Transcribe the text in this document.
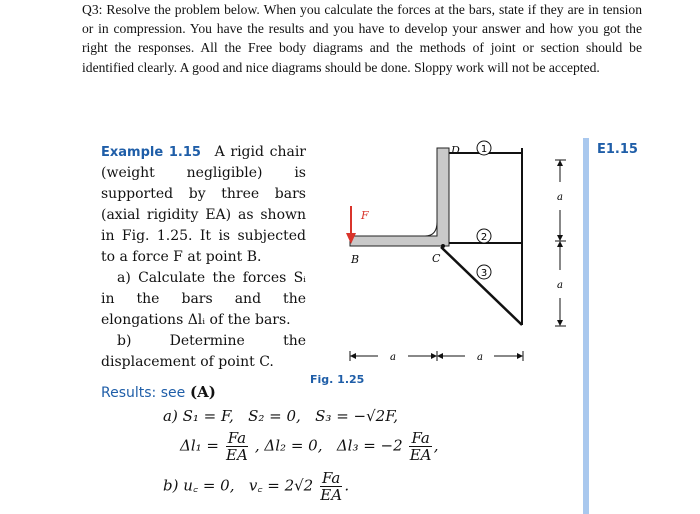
Q3: Resolve the problem below. When you calculate the forces at the bars, state if they are in tension or in compression. You have the results and you have to develop your answer and how you got the right the responses. All the Free body diagrams and the methods of joint or section should be identified clearly. A good and nice diagrams should be done. Sloppy work will not be accepted.
Example 1.15 A rigid chair (weight negligible) is supported by three bars (axial rigidity EA) as shown in Fig. 1.25. It is subjected to a force F at point B.
a) Calculate the forces Sᵢ in the bars and the elongations Δlᵢ of the bars.
b) Determine the displacement of point C.
E1.15
F
B	C
D 1
2
3
a
a
a	a
Fig. 1.25
Results: see (A)
a) S₁ = F, S₂ = 0, S₃ = −√2F,
$\Delta l_1 = \frac{Fa}{EA}$ , Δl₂ = 0, $\Delta l_3 = -2 \frac{Fa}{EA}$ ,
b) u꜀ = 0, v꜀ = $2√2 \frac{Fa}{EA}$ .
